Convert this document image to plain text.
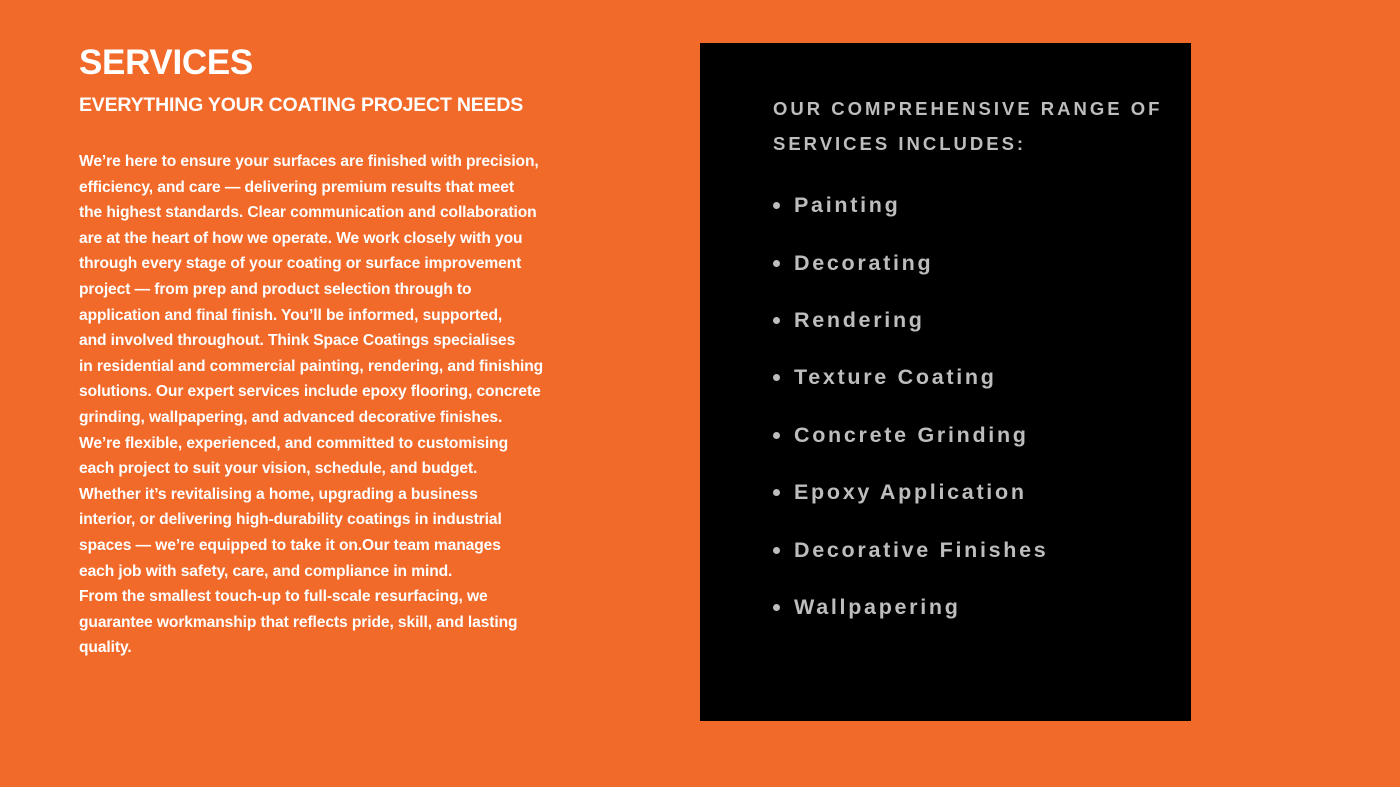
SERVICES
EVERYTHING YOUR COATING PROJECT NEEDS
We’re here to ensure your surfaces are finished with precision,
efficiency, and care — delivering premium results that meet
the highest standards. Clear communication and collaboration
are at the heart of how we operate. We work closely with you
through every stage of your coating or surface improvement
project — from prep and product selection through to
application and final finish. You’ll be informed, supported,
and involved throughout. Think Space Coatings specialises
in residential and commercial painting, rendering, and finishing
solutions. Our expert services include epoxy flooring, concrete
grinding, wallpapering, and advanced decorative finishes.
We’re flexible, experienced, and committed to customising
each project to suit your vision, schedule, and budget.
Whether it’s revitalising a home, upgrading a business
interior, or delivering high-durability coatings in industrial
spaces — we’re equipped to take it on.Our team manages
each job with safety, care, and compliance in mind.
From the smallest touch-up to full-scale resurfacing, we
guarantee workmanship that reflects pride, skill, and lasting
quality.
OUR COMPREHENSIVE RANGE OF
SERVICES INCLUDES:
Painting
Decorating
Rendering
Texture Coating
Concrete Grinding
Epoxy Application
Decorative Finishes
Wallpapering
